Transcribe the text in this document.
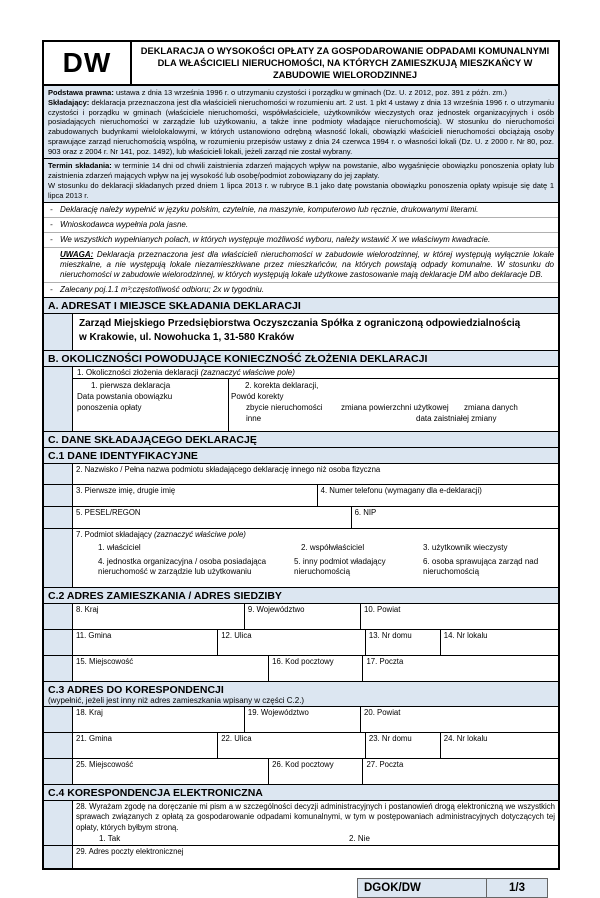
DW	DEKLARACJA O WYSOKOŚCI OPŁATY ZA GOSPODAROWANIE ODPADAMI KOMUNALNYMI DLA WŁAŚCICIELI NIERUCHOMOŚCI, NA KTÓRYCH ZAMIESZKUJĄ MIESZKAŃCY W ZABUDOWIE WIELORODZINNEJ
Podstawa prawna: ustawa z dnia 13 września 1996 r. o utrzymaniu czystości i porządku w gminach (Dz. U. z 2012, poz. 391 z późn. zm.)
Składający: deklaracja przeznaczona jest dla właścicieli nieruchomości w rozumieniu art. 2 ust. 1 pkt 4 ustawy z dnia 13 września 1996 r. o utrzymaniu czystości i porządku w gminach (właściciele nieruchomości, współwłaściciele, użytkowników wieczystych oraz jednostek organizacyjnych i osób posiadających nieruchomości w zarządzie lub użytkowaniu, a także inne podmioty władające nieruchomością). W stosunku do nieruchomości zabudowanych budynkami wielolokalowymi, w których ustanowiono odrębną własność lokali, obowiązki właścicieli nieruchomości obciążają osoby sprawujące zarząd nieruchomością wspólną, w rozumieniu przepisów ustawy z dnia 24 czerwca 1994 r. o własności lokali (Dz. U. z 2000 r. Nr 80, poz. 903 oraz z 2004 r. Nr 141, poz. 1492), lub właścicieli lokali, jeżeli zarząd nie został wybrany.
Termin składania: w terminie 14 dni od chwili zaistnienia zdarzeń mających wpływ na powstanie, albo wygaśnięcie obowiązku ponoszenia opłaty lub zaistnienia zdarzeń mających wpływ na jej wysokość lub osobę/podmiot zobowiązany do jej zapłaty.
W stosunku do deklaracji składanych przed dniem 1 lipca 2013 r. w rubryce B.1 jako datę powstania obowiązku ponoszenia opłaty wpisuje się datę 1 lipca 2013 r.
- Deklarację należy wypełnić w języku polskim, czytelnie, na maszynie, komputerowo lub ręcznie, drukowanymi literami.
- Wnioskodawca wypełnia pola jasne.
- We wszystkich wypełnianych polach, w których występuje możliwość wyboru, należy wstawić X we właściwym kwadracie.
UWAGA: Deklaracja przeznaczona jest dla właścicieli nieruchomości w zabudowie wielorodzinnej, w której występują wyłącznie lokale mieszkalne, a nie występują lokale niezamieszkiwane przez mieszkańców, na których powstają odpady komunalne. W stosunku do nieruchomości w zabudowie wielorodzinnej, w których występują lokale użytkowe zastosowanie mają deklaracje DM albo deklaracje DB.
- Zalecany poj.1.1 m³;częstotliwość odbioru; 2x w tygodniu.
A. ADRESAT I MIEJSCE SKŁADANIA DEKLARACJI
Zarząd Miejskiego Przedsiębiorstwa Oczyszczania Spółka z ograniczoną odpowiedzialnością
w Krakowie, ul. Nowohucka 1, 31-580 Kraków
B. OKOLICZNOŚCI POWODUJĄCE KONIECZNOŚĆ ZŁOŻENIA DEKLARACJI
1. Okoliczności złożenia deklaracji (zaznaczyć właściwe pole)
1. pierwsza deklaracja
Data powstania obowiązku
ponoszenia opłaty
2. korekta deklaracji,
Powód korekty
zbycie nieruchomości zmiana powierzchni użytkowej zmiana danych
inne	data zaistniałej zmiany
C. DANE SKŁADAJĄCEGO DEKLARACJĘ
C.1 DANE IDENTYFIKACYJNE
2. Nazwisko / Pełna nazwa podmiotu składającego deklarację innego niż osoba fizyczna
3. Pierwsze imię, drugie imię	4. Numer telefonu (wymagany dla e-deklaracji)
5. PESEL/REGON	6. NIP
7. Podmiot składający (zaznaczyć właściwe pole)
1. właściciel	2. współwłaściciel	3. użytkownik wieczysty
4. jednostka organizacyjna / osoba posiadająca nieruchomość w zarządzie lub użytkowaniu
5. inny podmiot władający nieruchomością
6. osoba sprawująca zarząd nad nieruchomością
C.2 ADRES ZAMIESZKANIA / ADRES SIEDZIBY
8. Kraj	9. Województwo	10. Powiat
11. Gmina	12. Ulica	13. Nr domu	14. Nr lokalu
15. Miejscowość	16. Kod pocztowy	17. Poczta
C.3 ADRES DO KORESPONDENCJI
(wypełnić, jeżeli jest inny niż adres zamieszkania wpisany w części C.2.)
18. Kraj	19. Województwo	20. Powiat
21. Gmina	22. Ulica	23. Nr domu	24. Nr lokalu
25. Miejscowość	26. Kod pocztowy	27. Poczta
C.4 KORESPONDENCJA ELEKTRONICZNA
28. Wyrażam zgodę na doręczanie mi pism a w szczególności decyzji administracyjnych i postanowień drogą elektroniczną we wszystkich sprawach związanych z opłatą za gospodarowanie odpadami komunalnymi, w tym w postępowaniach administracyjnych dotyczących tej opłaty, których byłbym stroną.
1. Tak	2. Nie
29. Adres poczty elektronicznej
DGOK/DW	1/3
